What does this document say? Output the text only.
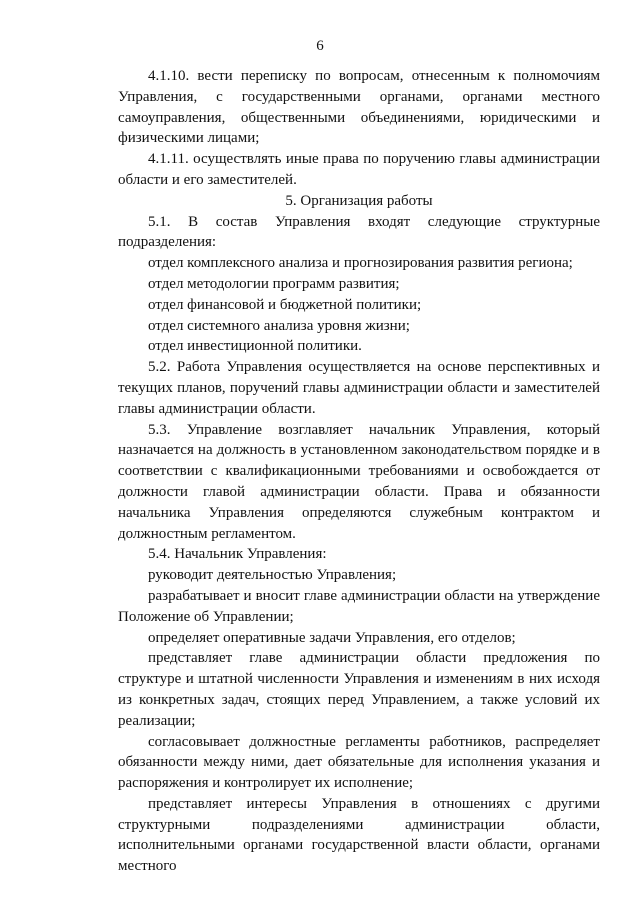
6

4.1.10. вести переписку по вопросам, отнесенным к полномочиям Управления, с государственными органами, органами местного самоуправления, общественными объединениями, юридическими и физическими лицами;

4.1.11. осуществлять иные права по поручению главы администрации области и его заместителей.

5. Организация работы

5.1. В состав Управления входят следующие структурные подразделения:

отдел комплексного анализа и прогнозирования развития региона;

отдел методологии программ развития;

отдел финансовой и бюджетной политики;

отдел системного анализа уровня жизни;

отдел инвестиционной политики.

5.2. Работа Управления осуществляется на основе перспективных и текущих планов, поручений главы администрации области и заместителей главы администрации области.

5.3. Управление возглавляет начальник Управления, который назначается на должность в установленном законодательством порядке и в соответствии с квалификационными требованиями и освобождается от должности главой администрации области. Права и обязанности начальника Управления определяются служебным контрактом и должностным регламентом.

5.4. Начальник Управления:

руководит деятельностью Управления;

разрабатывает и вносит главе администрации области на утверждение Положение об Управлении;

определяет оперативные задачи Управления, его отделов;

представляет главе администрации области предложения по структуре и штатной численности Управления и изменениям в них исходя из конкретных задач, стоящих перед Управлением, а также условий их реализации;

согласовывает должностные регламенты работников, распределяет обязанности между ними, дает обязательные для исполнения указания и распоряжения и контролирует их исполнение;

представляет интересы Управления в отношениях с другими структурными подразделениями администрации области, исполнительными органами государственной власти области, органами местного
